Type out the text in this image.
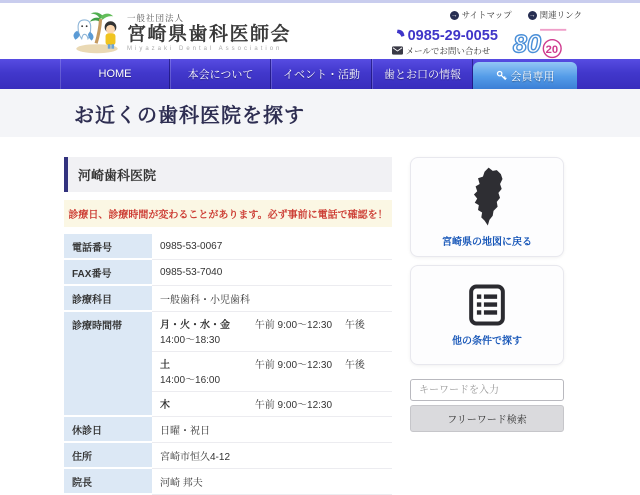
一般社団法人
宮崎県歯科医師会
Miyazaki Dental Association
→
サイトマップ →	関連リンク
0985-29-0055
メールでお問い合わせ 80 20
HOME	本会について	イベント・活動 歯とお口の情報	会員専用
お近くの歯科医院を探す
河崎歯科医院
診療日、診療時間が変わることがあります。必ず事前に電話で確認を！
電話番号	0985-53-0067
FAX番号	0985-53-7040
診療科目	一般歯科・小児歯科
診療時間帯	月・火・水・金 午前 9:00〜12:30 午後 14:00〜18:30
	土 午前 9:00〜12:30 午後 14:00〜16:00
	木 午前 9:00〜12:30
休診日	日曜・祝日
住所	宮崎市恒久4-12
院長	河崎 邦夫
宮崎県の地図に戻る
他の条件で探す
キーワードを入力 フリーワード検索
